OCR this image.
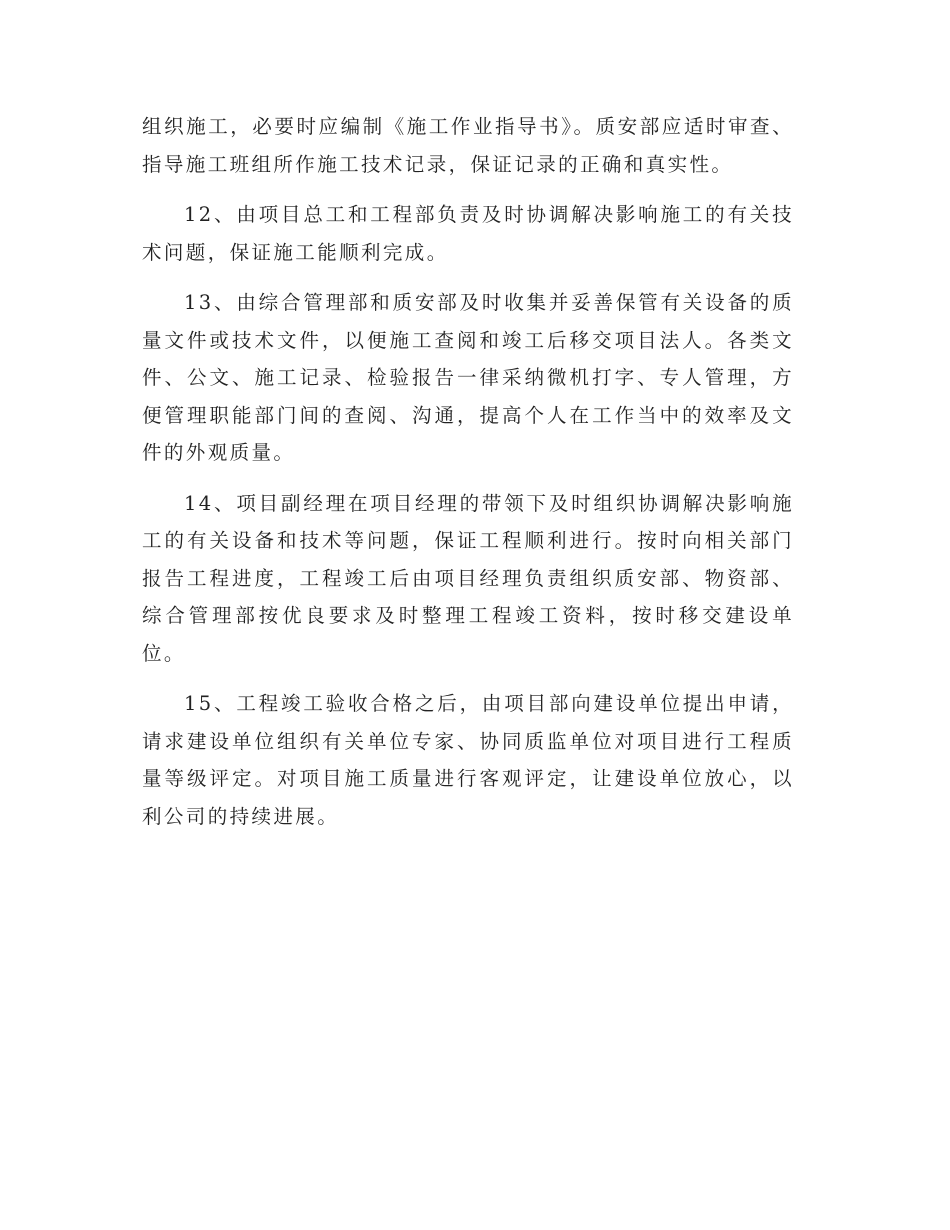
组织施工，必要时应编制《施工作业指导书》。质安部应适时审查、指导施工班组所作施工技术记录，保证记录的正确和真实性。

12、由项目总工和工程部负责及时协调解决影响施工的有关技术问题，保证施工能顺利完成。

13、由综合管理部和质安部及时收集并妥善保管有关设备的质量文件或技术文件，以便施工查阅和竣工后移交项目法人。各类文件、公文、施工记录、检验报告一律采纳微机打字、专人管理，方便管理职能部门间的查阅、沟通，提高个人在工作当中的效率及文件的外观质量。

14、项目副经理在项目经理的带领下及时组织协调解决影响施工的有关设备和技术等问题，保证工程顺利进行。按时向相关部门报告工程进度，工程竣工后由项目经理负责组织质安部、物资部、综合管理部按优良要求及时整理工程竣工资料，按时移交建设单位。

15、工程竣工验收合格之后，由项目部向建设单位提出申请，请求建设单位组织有关单位专家、协同质监单位对项目进行工程质量等级评定。对项目施工质量进行客观评定，让建设单位放心，以利公司的持续进展。
